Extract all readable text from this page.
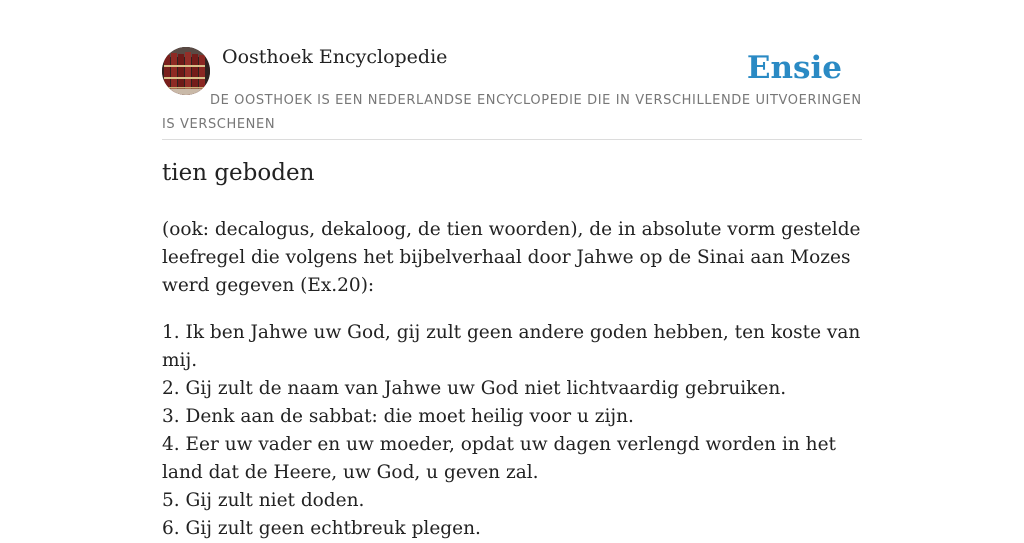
Oosthoek Encyclopedie	Ensie
DE OOSTHOEK IS EEN NEDERLANDSE ENCYCLOPEDIE DIE IN VERSCHILLENDE UITVOERINGEN IS VERSCHENEN
tien geboden

(ook: decalogus, dekaloog, de tien woorden), de in absolute vorm gestelde leefregel die volgens het bijbelverhaal door Jahwe op de Sinai aan Mozes werd gegeven (Ex.20):

1. Ik ben Jahwe uw God, gij zult geen andere goden hebben, ten koste van mij.
2. Gij zult de naam van Jahwe uw God niet lichtvaardig gebruiken.
3. Denk aan de sabbat: die moet heilig voor u zijn.
4. Eer uw vader en uw moeder, opdat uw dagen verlengd worden in het land dat de Heere, uw God, u geven zal.
5. Gij zult niet doden.
6. Gij zult geen echtbreuk plegen.
